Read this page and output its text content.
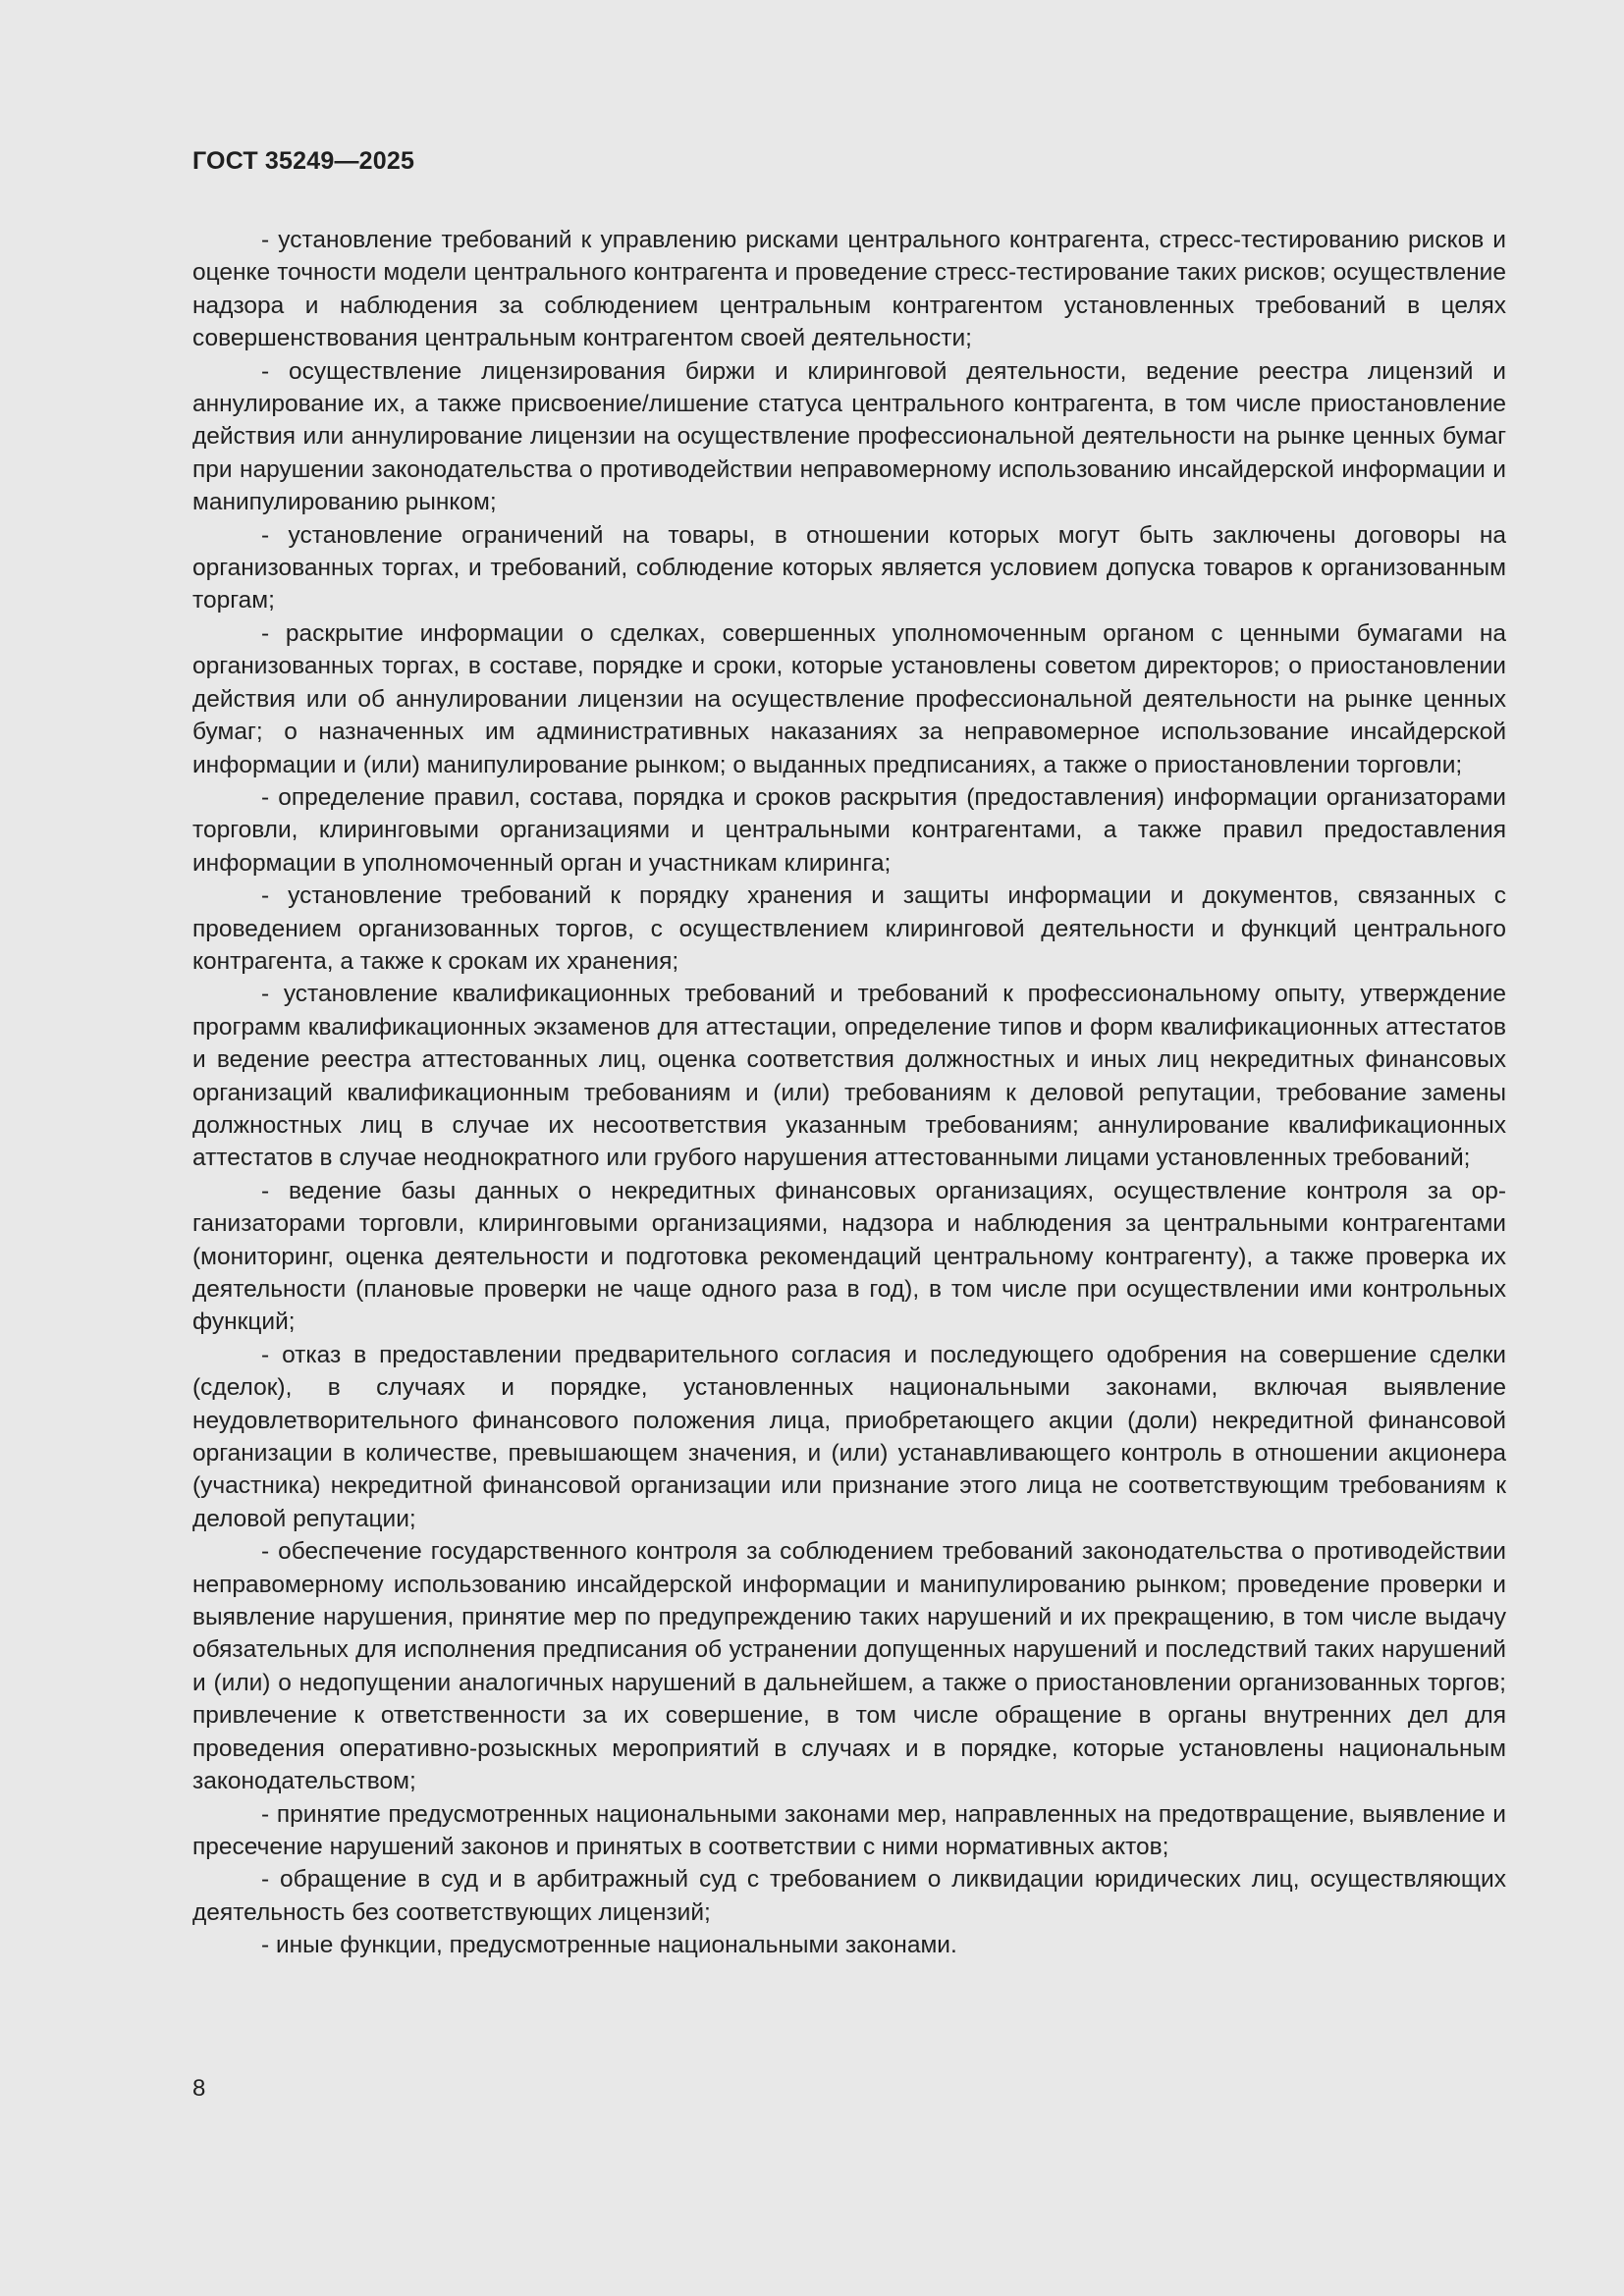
ГОСТ 35249—2025

- установление требований к управлению рисками центрального контрагента, стресс-тестированию рисков и оценке точности модели центрального контрагента и проведение стресс-тестирование таких рисков; осуществление надзора и наблюдения за соблюдением центральным контрагентом установленных требований в целях совершенствования центральным контрагентом своей деятельности;

- осуществление лицензирования биржи и клиринговой деятельности, ведение реестра лицензий и аннулирование их, а также присвоение/лишение статуса центрального контрагента, в том числе приостановление действия или аннулирование лицензии на осуществление профессиональной деятельности на рынке ценных бумаг при нарушении законодательства о противодействии неправомерному использованию инсайдерской информации и манипулированию рынком;

- установление ограничений на товары, в отношении которых могут быть заключены договоры на организованных торгах, и требований, соблюдение которых является условием допуска товаров к организованным торгам;

- раскрытие информации о сделках, совершенных уполномоченным органом с ценными бумагами на организованных торгах, в составе, порядке и сроки, которые установлены советом директоров; о приостановлении действия или об аннулировании лицензии на осуществление профессиональной деятельности на рынке ценных бумаг; о назначенных им административных наказаниях за неправомерное использование инсайдерской информации и (или) манипулирование рынком; о выданных предписаниях, а также о приостановлении торговли;

- определение правил, состава, порядка и сроков раскрытия (предоставления) информации организаторами торговли, клиринговыми организациями и центральными контрагентами, а также правил предоставления информации в уполномоченный орган и участникам клиринга;

- установление требований к порядку хранения и защиты информации и документов, связанных с проведением организованных торгов, с осуществлением клиринговой деятельности и функций центрального контрагента, а также к срокам их хранения;

- установление квалификационных требований и требований к профессиональному опыту, утверждение программ квалификационных экзаменов для аттестации, определение типов и форм квалификационных аттестатов и ведение реестра аттестованных лиц, оценка соответствия должностных и иных лиц некредитных финансовых организаций квалификационным требованиям и (или) требованиям к деловой репутации, требование замены должностных лиц в случае их несоответствия указанным требованиям; аннулирование квалификационных аттестатов в случае неоднократного или грубого нарушения аттестованными лицами установленных требований;

- ведение базы данных о некредитных финансовых организациях, осуществление контроля за организаторами торговли, клиринговыми организациями, надзора и наблюдения за центральными контрагентами (мониторинг, оценка деятельности и подготовка рекомендаций центральному контрагенту), а также проверка их деятельности (плановые проверки не чаще одного раза в год), в том числе при осуществлении ими контрольных функций;

- отказ в предоставлении предварительного согласия и последующего одобрения на совершение сделки (сделок), в случаях и порядке, установленных национальными законами, включая выявление неудовлетворительного финансового положения лица, приобретающего акции (доли) некредитной финансовой организации в количестве, превышающем значения, и (или) устанавливающего контроль в отношении акционера (участника) некредитной финансовой организации или признание этого лица не соответствующим требованиям к деловой репутации;

- обеспечение государственного контроля за соблюдением требований законодательства о противодействии неправомерному использованию инсайдерской информации и манипулированию рынком; проведение проверки и выявление нарушения, принятие мер по предупреждению таких нарушений и их прекращению, в том числе выдачу обязательных для исполнения предписания об устранении допущенных нарушений и последствий таких нарушений и (или) о недопущении аналогичных нарушений в дальнейшем, а также о приостановлении организованных торгов; привлечение к ответственности за их совершение, в том числе обращение в органы внутренних дел для проведения оперативно-розыскных мероприятий в случаях и в порядке, которые установлены национальным законодательством;

- принятие предусмотренных национальными законами мер, направленных на предотвращение, выявление и пресечение нарушений законов и принятых в соответствии с ними нормативных актов;

- обращение в суд и в арбитражный суд с требованием о ликвидации юридических лиц, осуществляющих деятельность без соответствующих лицензий;

- иные функции, предусмотренные национальными законами.

8
